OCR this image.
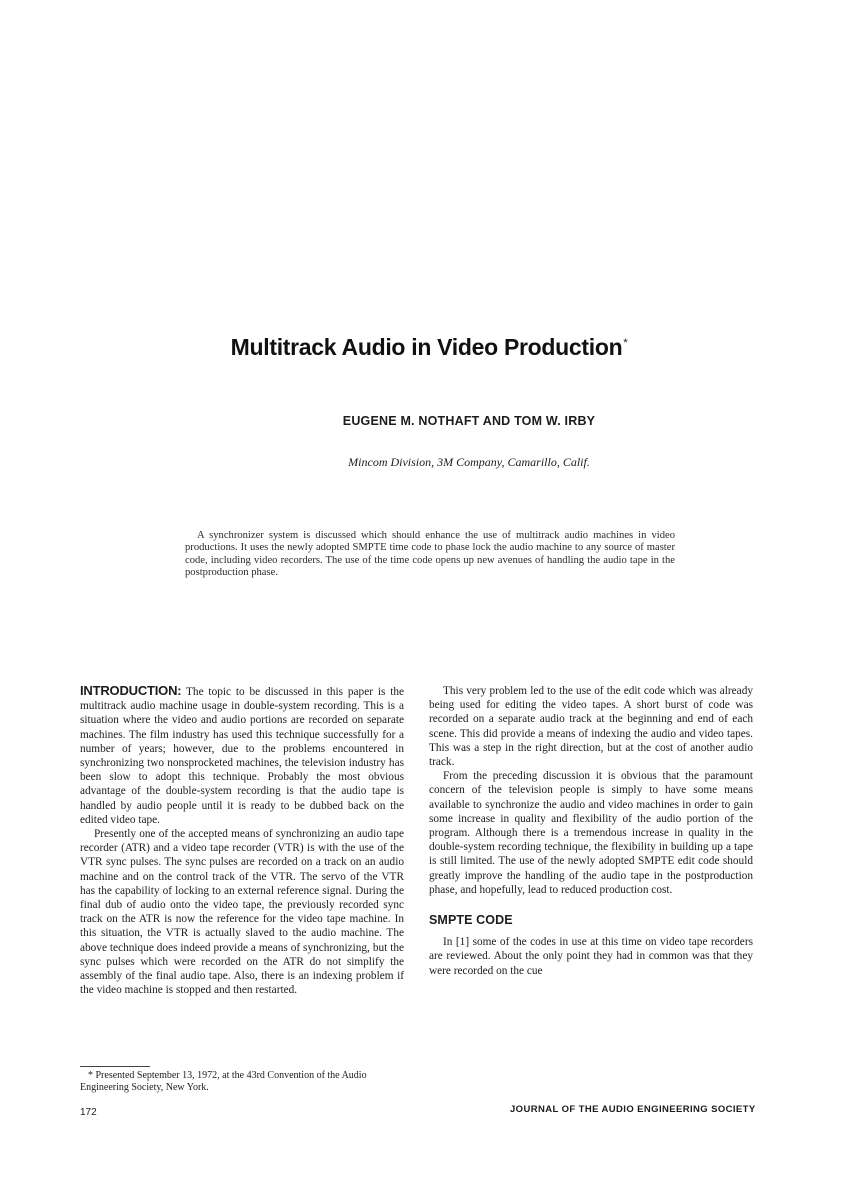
Multitrack Audio in Video Production*
EUGENE M. NOTHAFT AND TOM W. IRBY
Mincom Division, 3M Company, Camarillo, Calif.
A synchronizer system is discussed which should enhance the use of multitrack audio machines in video productions. It uses the newly adopted SMPTE time code to phase lock the audio machine to any source of master code, including video recorders. The use of the time code opens up new avenues of handling the audio tape in the postproduction phase.

INTRODUCTION: The topic to be discussed in this paper is the multitrack audio machine usage in double-system recording. This is a situation where the video and audio portions are recorded on separate machines. The film industry has used this technique successfully for a number of years; however, due to the problems encountered in synchronizing two nonsprocketed machines, the television industry has been slow to adopt this technique. Probably the most obvious advantage of the double-system recording is that the audio tape is handled by audio people until it is ready to be dubbed back on the edited video tape.

Presently one of the accepted means of synchronizing an audio tape recorder (ATR) and a video tape recorder (VTR) is with the use of the VTR sync pulses. The sync pulses are recorded on a track on an audio machine and on the control track of the VTR. The servo of the VTR has the capability of locking to an external reference signal. During the final dub of audio onto the video tape, the previously recorded sync track on the ATR is now the reference for the video tape machine. In this situation, the VTR is actually slaved to the audio machine. The above technique does indeed provide a means of synchronizing, but the sync pulses which were recorded on the ATR do not simplify the assembly of the final audio tape. Also, there is an indexing problem if the video machine is stopped and then restarted.

This very problem led to the use of the edit code which was already being used for editing the video tapes. A short burst of code was recorded on a separate audio track at the beginning and end of each scene. This did provide a means of indexing the audio and video tapes. This was a step in the right direction, but at the cost of another audio track.

From the preceding discussion it is obvious that the paramount concern of the television people is simply to have some means available to synchronize the audio and video machines in order to gain some increase in quality and flexibility of the audio portion of the program. Although there is a tremendous increase in quality in the double-system recording technique, the flexibility in building up a tape is still limited. The use of the newly adopted SMPTE edit code should greatly improve the handling of the audio tape in the postproduction phase, and hopefully, lead to reduced production cost.

SMPTE CODE

In [1] some of the codes in use at this time on video tape recorders are reviewed. About the only point they had in common was that they were recorded on the cue

* Presented September 13, 1972, at the 43rd Convention of the Audio Engineering Society, New York.
172	JOURNAL OF THE AUDIO ENGINEERING SOCIETY
